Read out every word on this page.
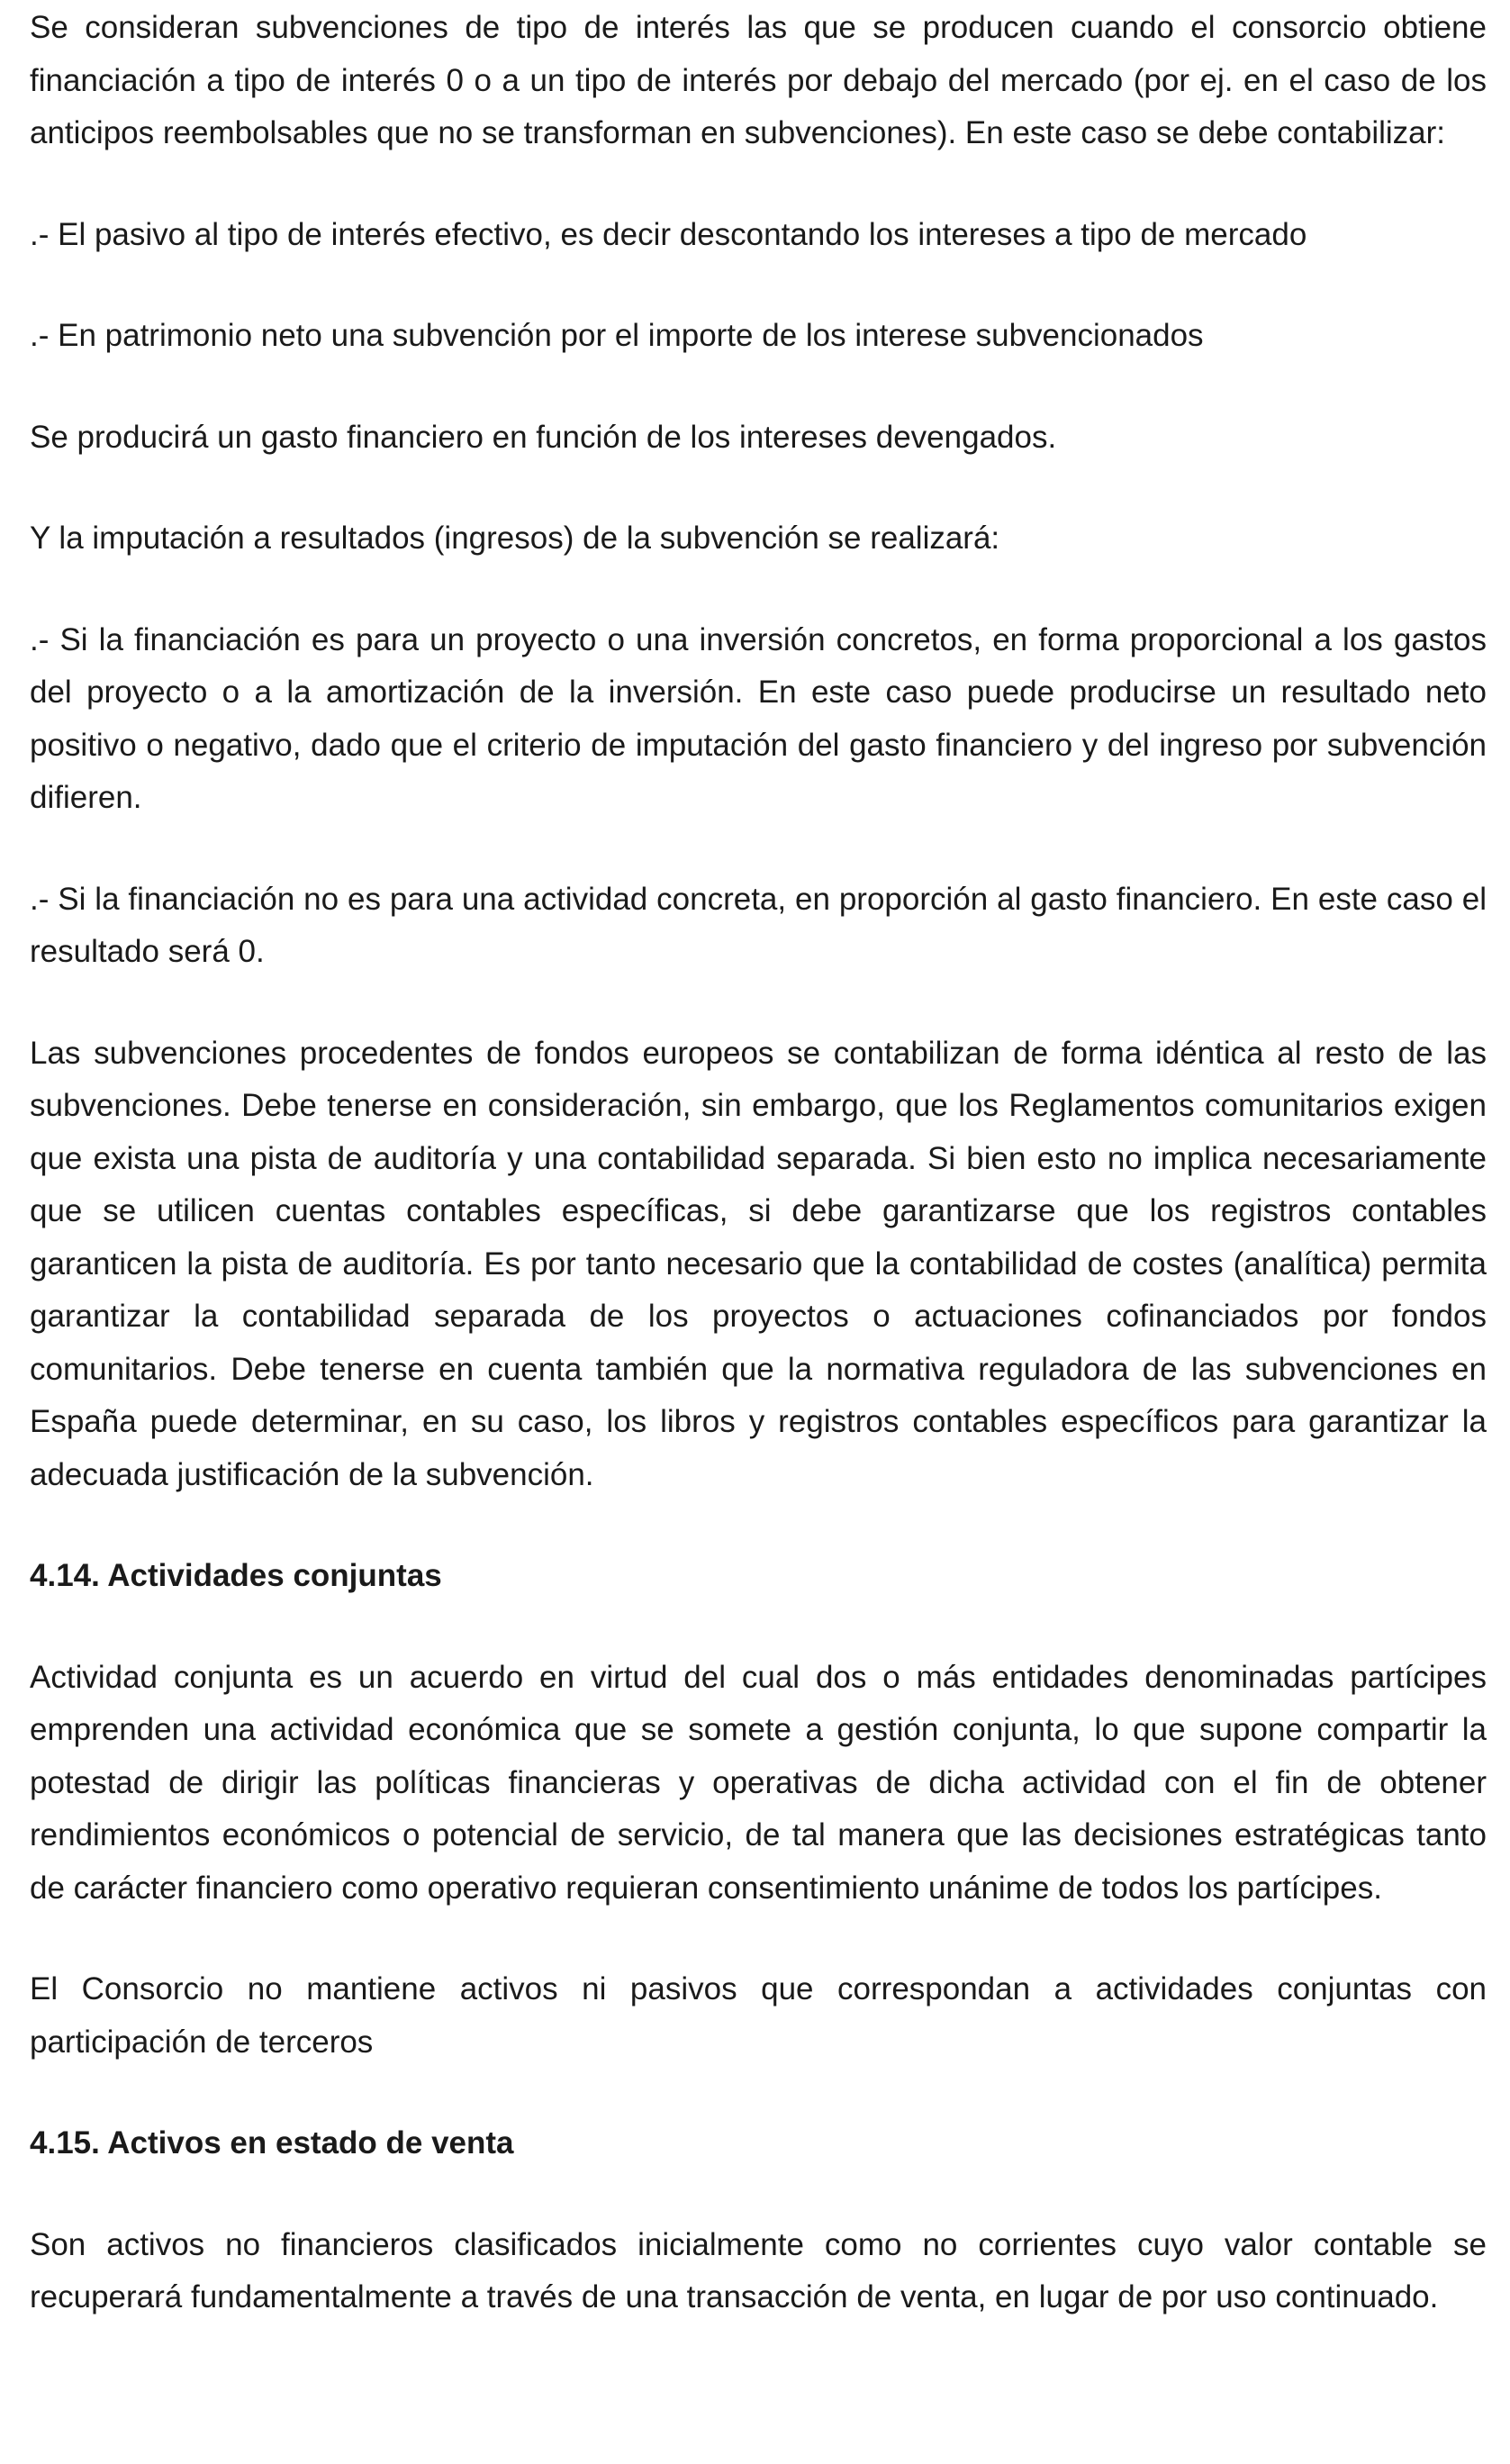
Se consideran subvenciones de tipo de interés las que se producen cuando el consorcio obtiene financiación a tipo de interés 0 o a un tipo de interés por debajo del mercado (por ej. en el caso de los anticipos reembolsables que no se transforman en subvenciones). En este caso se debe contabilizar:

.- El pasivo al tipo de interés efectivo, es decir descontando los intereses a tipo de mercado

.- En patrimonio neto una subvención por el importe de los interese subvencionados

Se producirá un gasto financiero en función de los intereses devengados.

Y la imputación a resultados (ingresos) de la subvención se realizará:

.- Si la financiación es para un proyecto o una inversión concretos, en forma proporcional a los gastos del proyecto o a la amortización de la inversión. En este caso puede producirse un resultado neto positivo o negativo, dado que el criterio de imputación del gasto financiero y del ingreso por subvención difieren.

.- Si la financiación no es para una actividad concreta, en proporción al gasto financiero. En este caso el resultado será 0.

Las subvenciones procedentes de fondos europeos se contabilizan de forma idéntica al resto de las subvenciones. Debe tenerse en consideración, sin embargo, que los Reglamentos comunitarios exigen que exista una pista de auditoría y una contabilidad separada. Si bien esto no implica necesariamente que se utilicen cuentas contables específicas, si debe garantizarse que los registros contables garanticen la pista de auditoría. Es por tanto necesario que la contabilidad de costes (analítica) permita garantizar la contabilidad separada de los proyectos o actuaciones cofinanciados por fondos comunitarios. Debe tenerse en cuenta también que la normativa reguladora de las subvenciones en España puede determinar, en su caso, los libros y registros contables específicos para garantizar la adecuada justificación de la subvención.

4.14. Actividades conjuntas

Actividad conjunta es un acuerdo en virtud del cual dos o más entidades denominadas partícipes emprenden una actividad económica que se somete a gestión conjunta, lo que supone compartir la potestad de dirigir las políticas financieras y operativas de dicha actividad con el fin de obtener rendimientos económicos o potencial de servicio, de tal manera que las decisiones estratégicas tanto de carácter financiero como operativo requieran consentimiento unánime de todos los partícipes.

El Consorcio no mantiene activos ni pasivos que correspondan a actividades conjuntas con participación de terceros

4.15. Activos en estado de venta

Son activos no financieros clasificados inicialmente como no corrientes cuyo valor contable se recuperará fundamentalmente a través de una transacción de venta, en lugar de por uso continuado.
